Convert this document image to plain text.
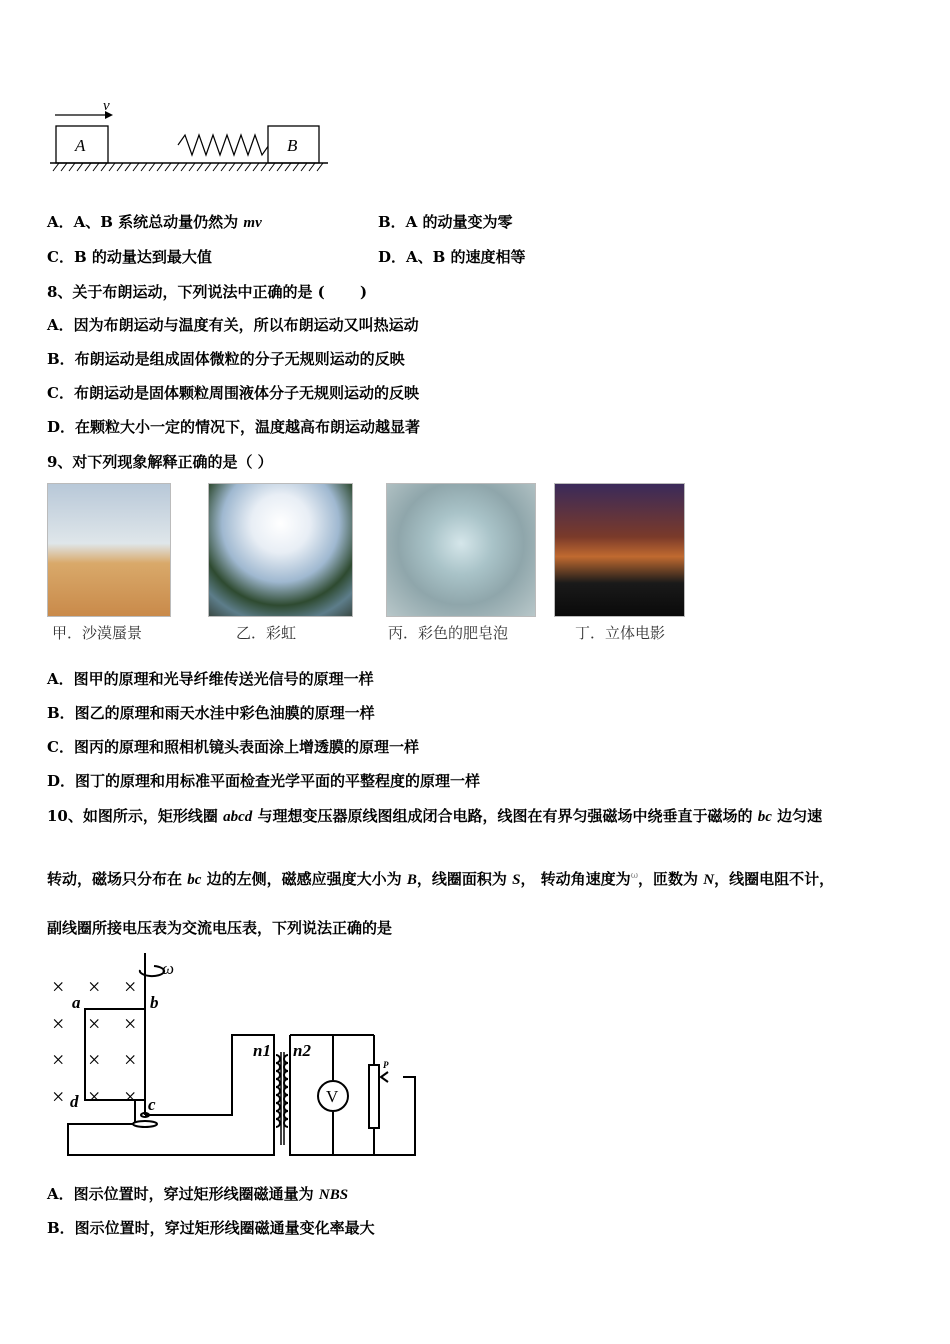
v
A	B
A．A、B 系统总动量仍然为 mv	B．A 的动量变为零
C．B 的动量达到最大值	D．A、B 的速度相等
8、关于布朗运动，下列说法中正确的是 (　　 )
A．因为布朗运动与温度有关，所以布朗运动又叫热运动
B．布朗运动是组成固体微粒的分子无规则运动的反映
C．布朗运动是固体颗粒周围液体分子无规则运动的反映
D．在颗粒大小一定的情况下，温度越高布朗运动越显著
9、对下列现象解释正确的是（ ）
甲．沙漠蜃景	乙．彩虹	丙．彩色的肥皂泡	丁．立体电影
A．图甲的原理和光导纤维传送光信号的原理一样
B．图乙的原理和雨天水洼中彩色油膜的原理一样
C．图丙的原理和照相机镜头表面涂上增透膜的原理一样
D．图丁的原理和用标准平面检查光学平面的平整程度的原理一样
10、如图所示，矩形线圈 abcd 与理想变压器原线图组成闭合电路，线图在有界匀强磁场中绕垂直于磁场的 bc 边匀速
转动，磁场只分布在 bc 边的左侧，磁感应强度大小为 B，线圈面积为 S， 转动角速度为$^\omega$，匝数为 N，线圈电阻不计，
副线圈所接电压表为交流电压表，下列说法正确的是
× × ×
× × ×
× × ×
× × ×
ω
a	b
c
d
n1 n2
V
P
A．图示位置时，穿过矩形线圈磁通量为 NBS
B．图示位置时，穿过矩形线圈磁通量变化率最大
